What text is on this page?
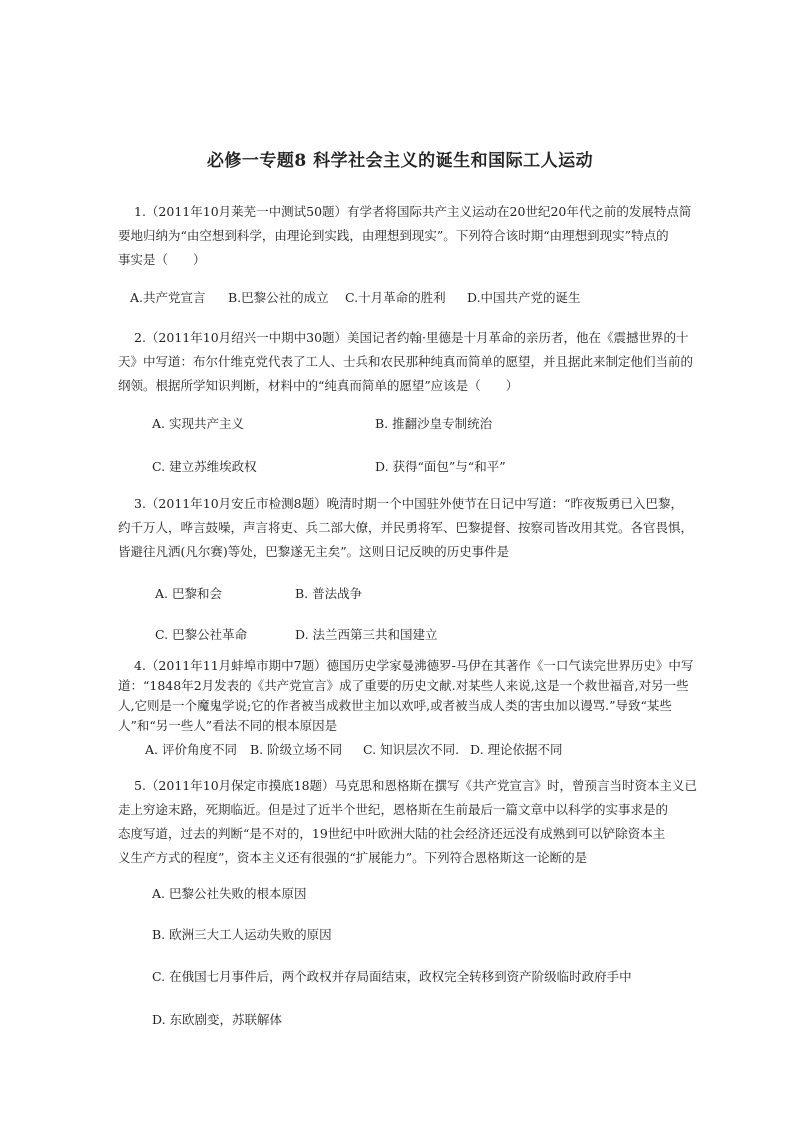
必修一专题8 科学社会主义的诞生和国际工人运动

1.（2011年10月莱芜一中测试50题）有学者将国际共产主义运动在20世纪20年代之前的发展特点简
要地归纳为“由空想到科学，由理论到实践，由理想到现实”。下列符合该时期“由理想到现实”特点的
事实是（　　）

A.共产党宣言 B.巴黎公社的成立 C.十月革命的胜利 D.中国共产党的诞生

2.（2011年10月绍兴一中期中30题）美国记者约翰·里德是十月革命的亲历者，他在《震撼世界的十
天》中写道：布尔什维克党代表了工人、士兵和农民那种纯真而简单的愿望，并且据此来制定他们当前的
纲领。根据所学知识判断，材料中的“纯真而简单的愿望”应该是（　　）

A. 实现共产主义	B. 推翻沙皇专制统治
C. 建立苏维埃政权	D. 获得“面包”与“和平”

3.（2011年10月安丘市检测8题）晚清时期一个中国驻外使节在日记中写道：“昨夜叛勇已入巴黎，
约千万人，哗言鼓噪，声言将吏、兵二部大僚，并民勇将军、巴黎提督、按察司皆改用其党。各官畏惧，
皆避往凡洒(凡尔赛)等处，巴黎遂无主矣”。这则日记反映的历史事件是

A. 巴黎和会	B. 普法战争
C. 巴黎公社革命	D. 法兰西第三共和国建立

4.（2011年11月蚌埠市期中7题）德国历史学家曼沸德罗-马伊在其著作《一口气读完世界历史》中写
道：“1848年2月发表的《共产党宣言》成了重要的历史文献.对某些人来说,这是一个救世福音,对另一些
人,它则是一个魔鬼学说;它的作者被当成救世主加以欢呼,或者被当成人类的害虫加以谩骂.”导致“某些
人”和“另一些人”看法不同的根本原因是

A. 评价角度不同 B. 阶级立场不同 C. 知识层次不同. D. 理论依据不同

5.（2011年10月保定市摸底18题）马克思和恩格斯在撰写《共产党宣言》时，曾预言当时资本主义已
走上穷途末路，死期临近。但是过了近半个世纪，恩格斯在生前最后一篇文章中以科学的实事求是的
态度写道，过去的判断“是不对的，19世纪中叶欧洲大陆的社会经济还远没有成熟到可以铲除资本主
义生产方式的程度”，资本主义还有很强的“扩展能力”。下列符合恩格斯这一论断的是

A. 巴黎公社失败的根本原因
B. 欧洲三大工人运动失败的原因
C. 在俄国七月事件后，两个政权并存局面结束，政权完全转移到资产阶级临时政府手中
D. 东欧剧变，苏联解体
